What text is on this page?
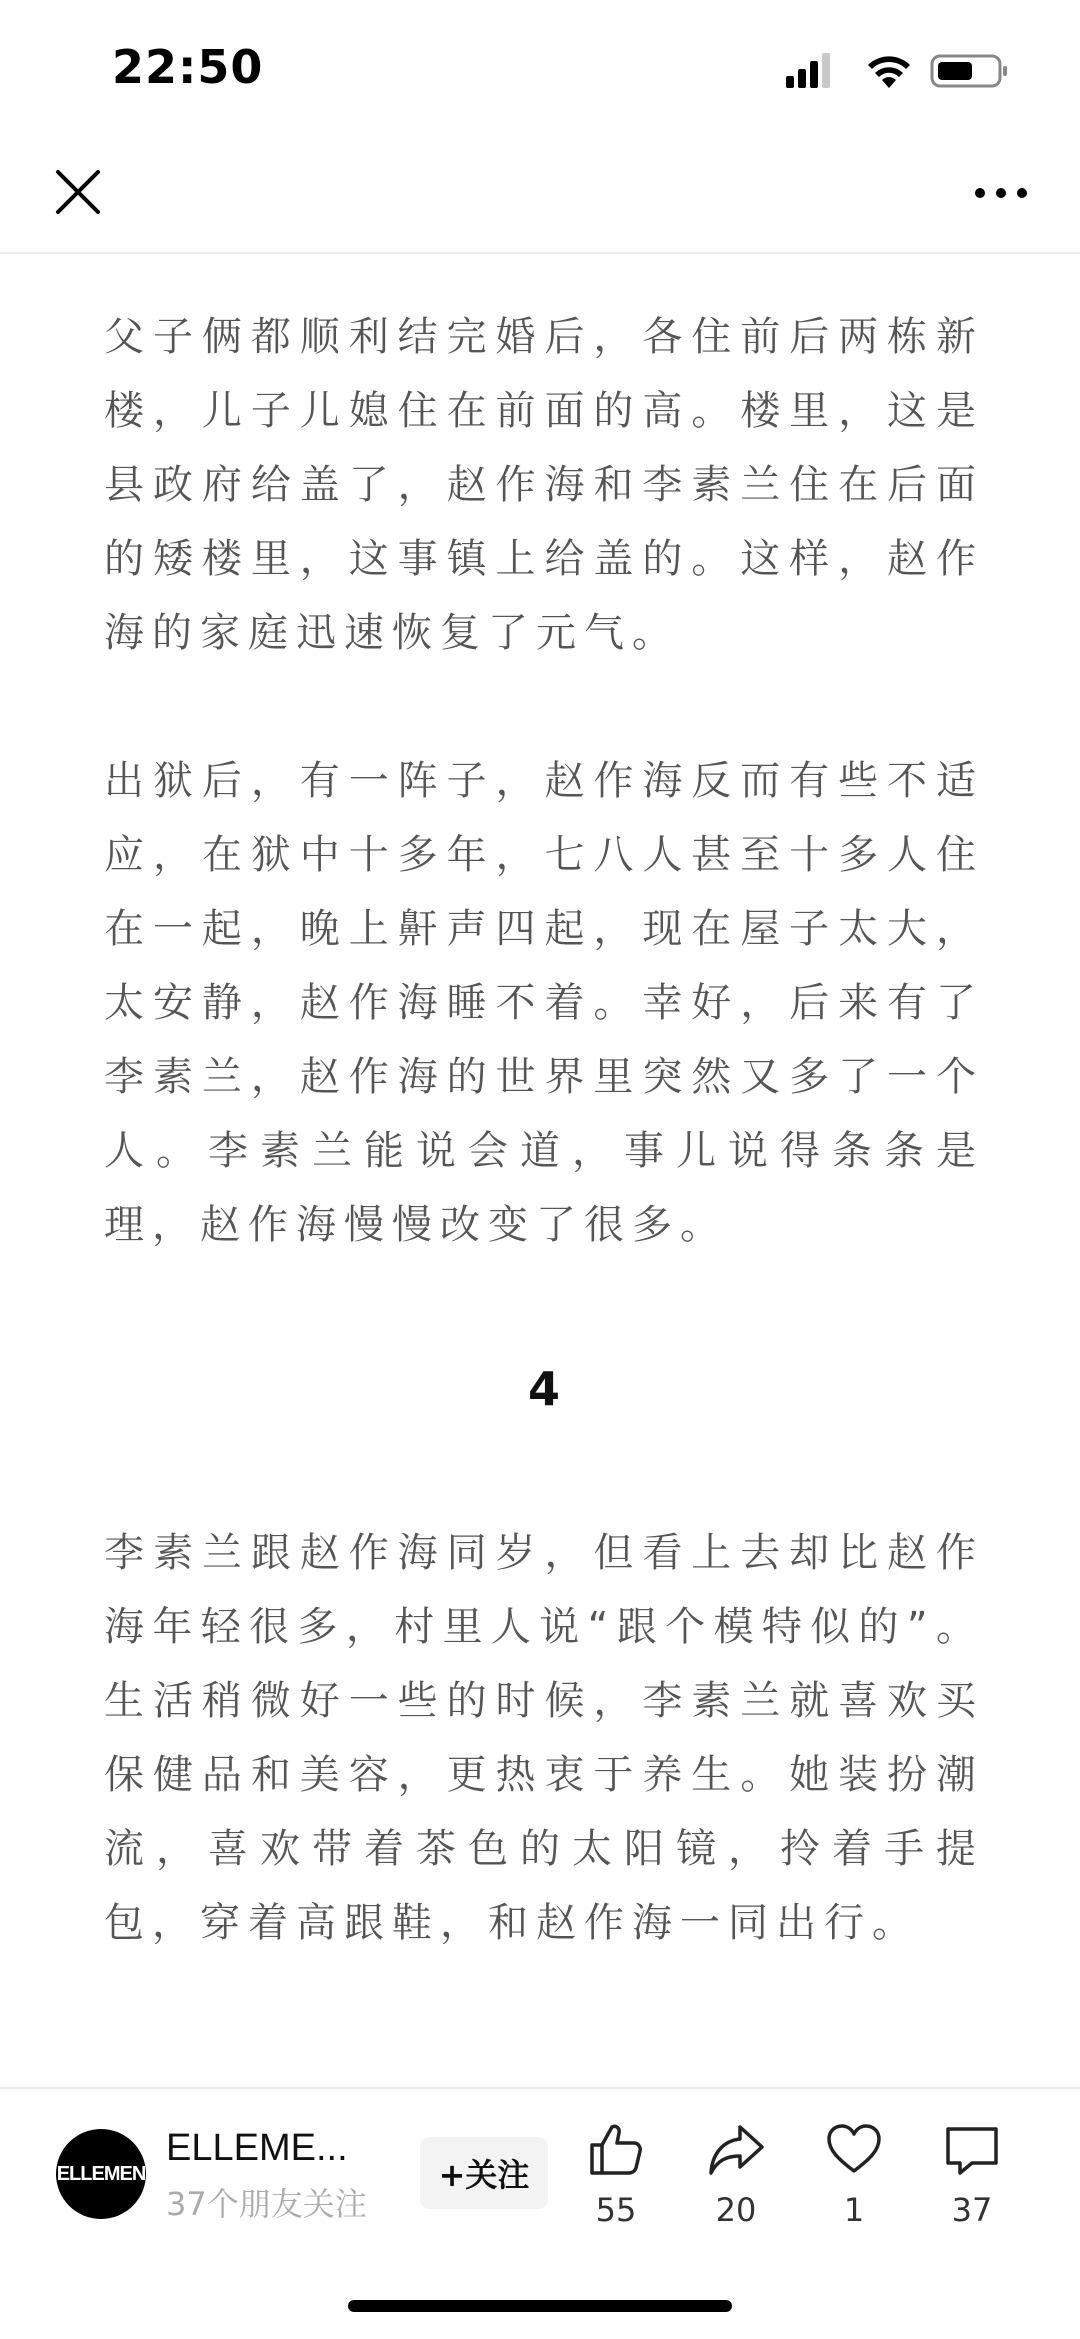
22:50

父子俩都顺利结完婚后，各住前后两栋新楼，儿子儿媳住在前面的高。楼里，这是县政府给盖了，赵作海和李素兰住在后面的矮楼里，这事镇上给盖的。这样，赵作海的家庭迅速恢复了元气。

出狱后，有一阵子，赵作海反而有些不适应，在狱中十多年，七八人甚至十多人住在一起，晚上鼾声四起，现在屋子太大，太安静，赵作海睡不着。幸好，后来有了李素兰，赵作海的世界里突然又多了一个人。李素兰能说会道，事儿说得条条是理，赵作海慢慢改变了很多。

4

李素兰跟赵作海同岁，但看上去却比赵作海年轻很多，村里人说“跟个模特似的”。生活稍微好一些的时候，李素兰就喜欢买保健品和美容，更热衷于养生。她装扮潮流，喜欢带着茶色的太阳镜，拎着手提包，穿着高跟鞋，和赵作海一同出行。

ELLEMEN
ELLEME...
37个朋友关注
+关注
55	20	1	37
